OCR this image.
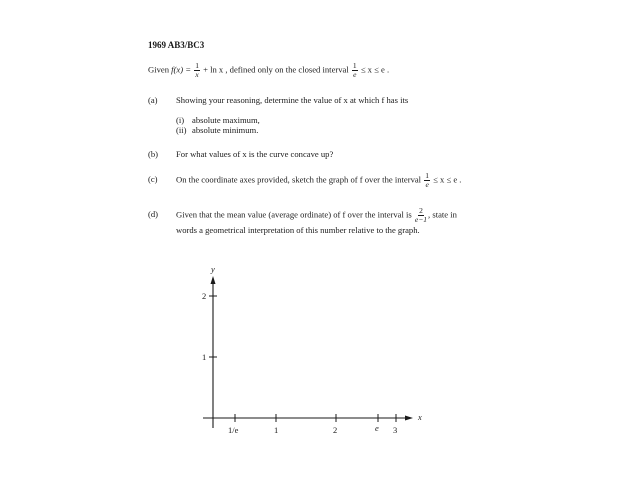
1969 AB3/BC3
Given $f(x) = \frac{1}{x} + \ln x$ , defined only on the closed interval $\frac{1}{e} \le x \le e$ .
(a) Showing your reasoning, determine the value of x at which f has its
(i) absolute maximum,
(ii) absolute minimum.
(b) For what values of x is the curve concave up?
(c) On the coordinate axes provided, sketch the graph of f over the interval $\frac{1}{e} \le x \le e$ .
(d) Given that the mean value (average ordinate) of f over the interval is $\frac{2}{e-1}$ , state in
words a geometrical interpretation of this number relative to the graph.
y
x
2
1
1/e	1	2	e 3
